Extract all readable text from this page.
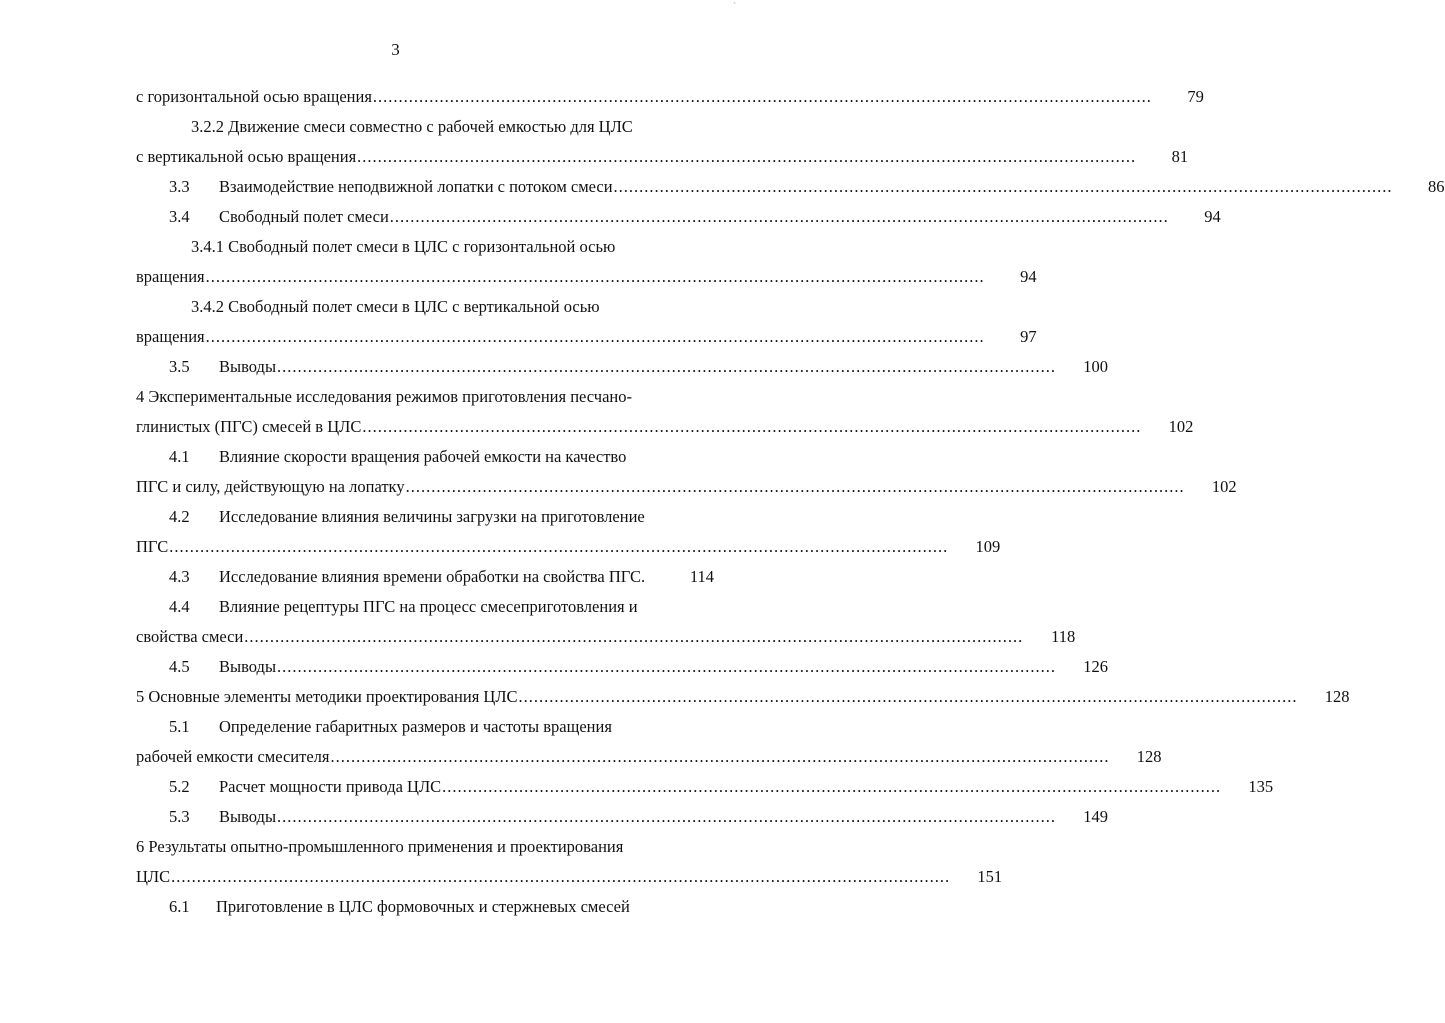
3
с горизонтальной осью вращения ........................................................................................................................................................	79
3.2.2 Движение смеси совместно с рабочей емкостью для ЦЛС
с вертикальной осью вращения ........................................................................................................................................................	81
3.3 Взаимодействие неподвижной лопатки с потоком смеси ........................................................................................................................................................	86
3.4 Свободный полет смеси ........................................................................................................................................................	94
3.4.1 Свободный полет смеси в ЦЛС с горизонтальной осью
вращения ........................................................................................................................................................	94
3.4.2 Свободный полет смеси в ЦЛС с вертикальной осью
вращения ........................................................................................................................................................	97
3.5 Выводы ........................................................................................................................................................	100
4 Экспериментальные исследования режимов приготовления песчано-
глинистых (ПГС) смесей в ЦЛС ........................................................................................................................................................	102
4.1 Влияние скорости вращения рабочей емкости на качество
ПГС и силу, действующую на лопатку ........................................................................................................................................................	102
4.2 Исследование влияния величины загрузки на приготовление
ПГС ........................................................................................................................................................	109
4.3 Исследование влияния времени обработки на свойства ПГС.	114
4.4 Влияние рецептуры ПГС на процесс смесеприготовления и
свойства смеси ........................................................................................................................................................	118
4.5 Выводы ........................................................................................................................................................	126
5 Основные элементы методики проектирования ЦЛС ........................................................................................................................................................	128
5.1 Определение габаритных размеров и частоты вращения
рабочей емкости смесителя ........................................................................................................................................................	128
5.2 Расчет мощности привода ЦЛС ........................................................................................................................................................	135
5.3 Выводы ........................................................................................................................................................	149
6 Результаты опытно-промышленного применения и проектирования
ЦЛС ........................................................................................................................................................	151
6.1 Приготовление в ЦЛС формовочных и стержневых смесей
`
